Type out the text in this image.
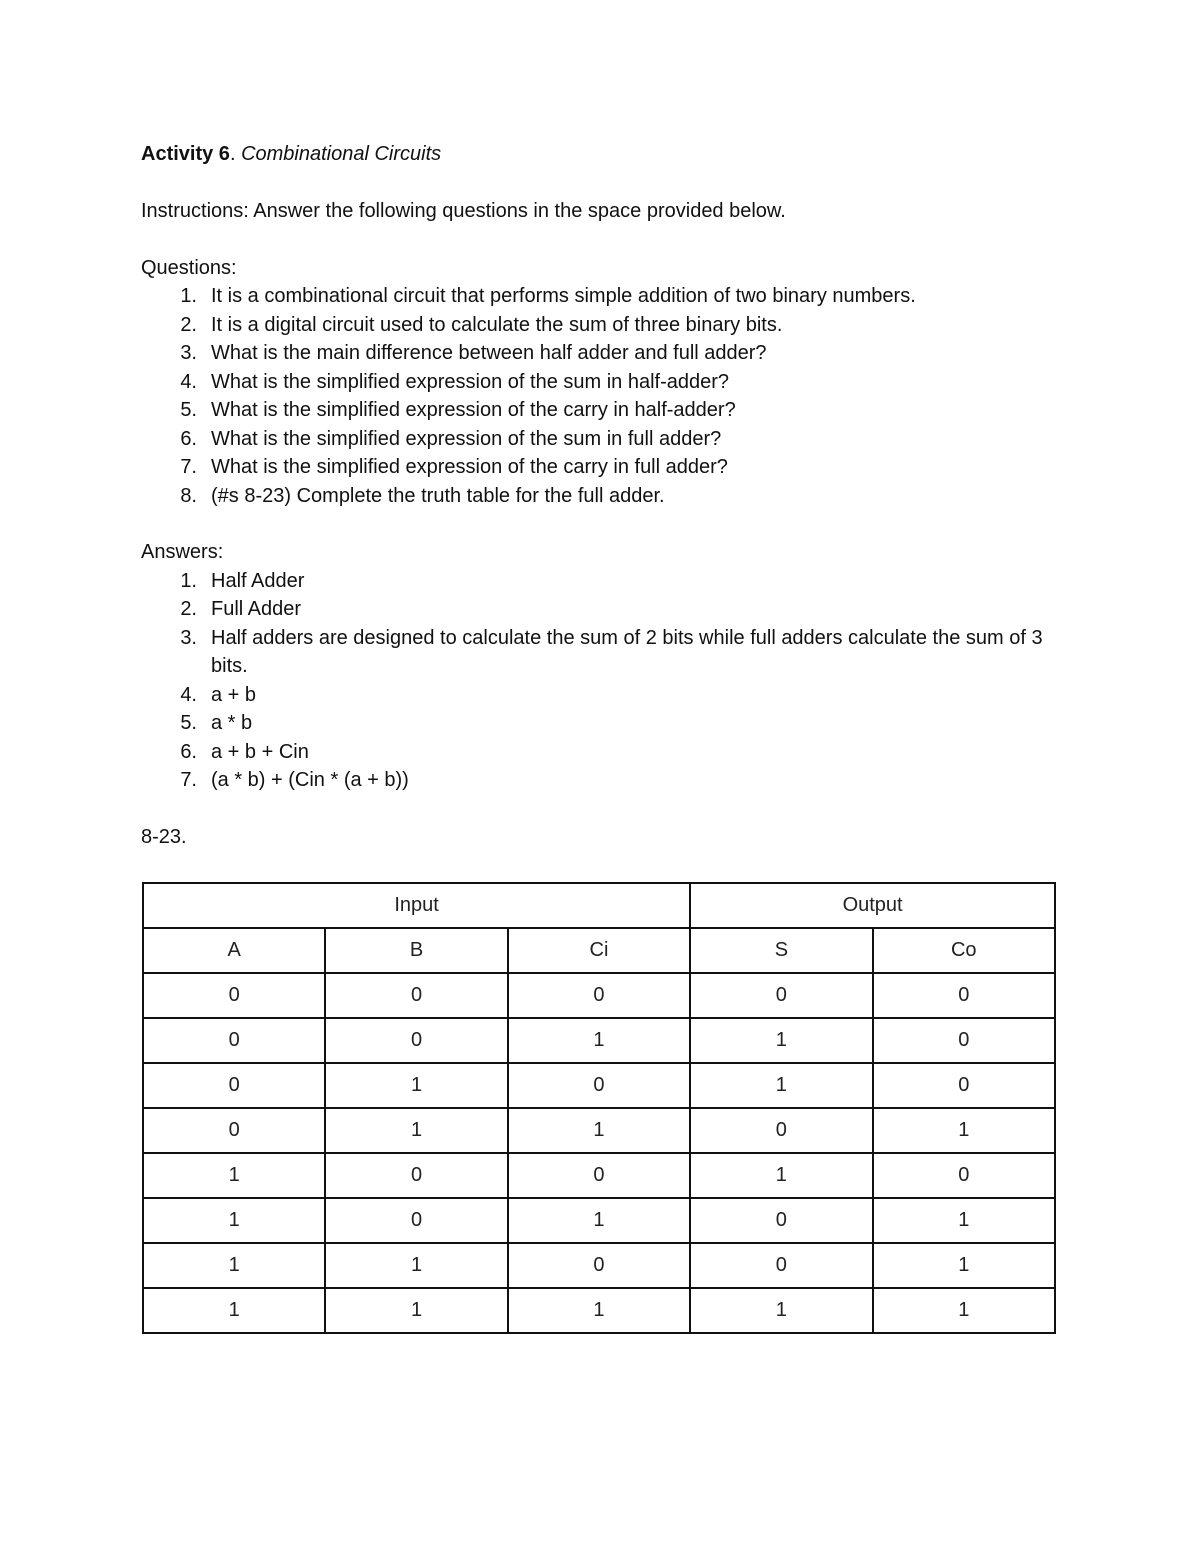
Activity 6. Combinational Circuits

Instructions: Answer the following questions in the space provided below.

Questions:

1. It is a combinational circuit that performs simple addition of two binary numbers.
2. It is a digital circuit used to calculate the sum of three binary bits.
3. What is the main difference between half adder and full adder?
4. What is the simplified expression of the sum in half-adder?
5. What is the simplified expression of the carry in half-adder?
6. What is the simplified expression of the sum in full adder?
7. What is the simplified expression of the carry in full adder?
8. (#s 8-23) Complete the truth table for the full adder.

Answers:

1. Half Adder
2. Full Adder
3. Half adders are designed to calculate the sum of 2 bits while full adders calculate the sum of 3 bits.
4. a + b
5. a * b
6. a + b + Cin
7. (a * b) + (Cin * (a + b))

8-23.

Input			Output	
A	B	Ci	S	Co
0	0	0	0	0
0	0	1	1	0
0	1	0	1	0
0	1	1	0	1
1	0	0	1	0
1	0	1	0	1
1	1	0	0	1
1	1	1	1	1
